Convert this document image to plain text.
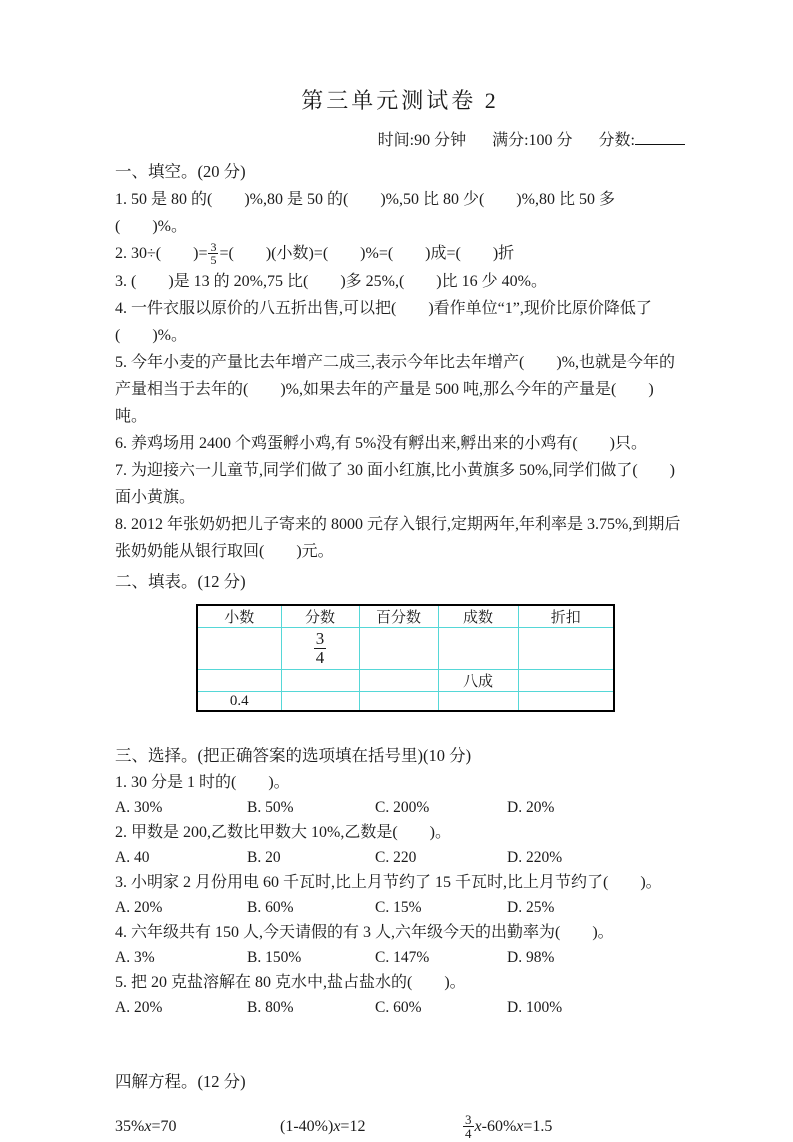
第三单元测试卷 2
时间:90 分钟 满分:100 分 分数:
一、填空。(20 分)

1. 50 是 80 的(　　)%,80 是 50 的(　　)%,50 比 80 少(　　)%,80 比 50 多(　　)%。

2. 30÷(　　)= $\frac{3}{5}$ =(　　)(小数)=(　　)%=(　　)成=(　　)折

3. (　　)是 13 的 20%,75 比(　　)多 25%,(　　)比 16 少 40%。

4. 一件衣服以原价的八五折出售,可以把(　　)看作单位“1”,现价比原价降低了(　　)%。

5. 今年小麦的产量比去年增产二成三,表示今年比去年增产(　　)%,也就是今年的产量相当于去年的(　　)%,如果去年的产量是 500 吨,那么今年的产量是(　　)吨。

6. 养鸡场用 2400 个鸡蛋孵小鸡,有 5%没有孵出来,孵出来的小鸡有(　　)只。

7. 为迎接六一儿童节,同学们做了 30 面小红旗,比小黄旗多 50%,同学们做了(　　)面小黄旗。

8. 2012 年张奶奶把儿子寄来的 8000 元存入银行,定期两年,年利率是 3.75%,到期后张奶奶能从银行取回(　　)元。

二、填表。(12 分)
小数	分数	百分数	成数	折扣

	$\frac{3}{4}$

			八成	
0.4				
三、选择。(把正确答案的选项填在括号里)(10 分)

1. 30 分是 1 时的(　　)。

A. 30%	B. 50%	C. 200%	D. 20%

2. 甲数是 200,乙数比甲数大 10%,乙数是(　　)。

A. 40	B. 20	C. 220	D. 220%

3. 小明家 2 月份用电 60 千瓦时,比上月节约了 15 千瓦时,比上月节约了(　　)。

A. 20%	B. 60%	C. 15%	D. 25%

4. 六年级共有 150 人,今天请假的有 3 人,六年级今天的出勤率为(　　)。

A. 3%	B. 150%	C. 147%	D. 98%

5. 把 20 克盐溶解在 80 克水中,盐占盐水的(　　)。

A. 20%	B. 80%	C. 60%	D. 100%
四解方程。(12 分)
35%x=70	(1-40%)x=12	$\frac{3}{4} x-60\%x=1.5$
